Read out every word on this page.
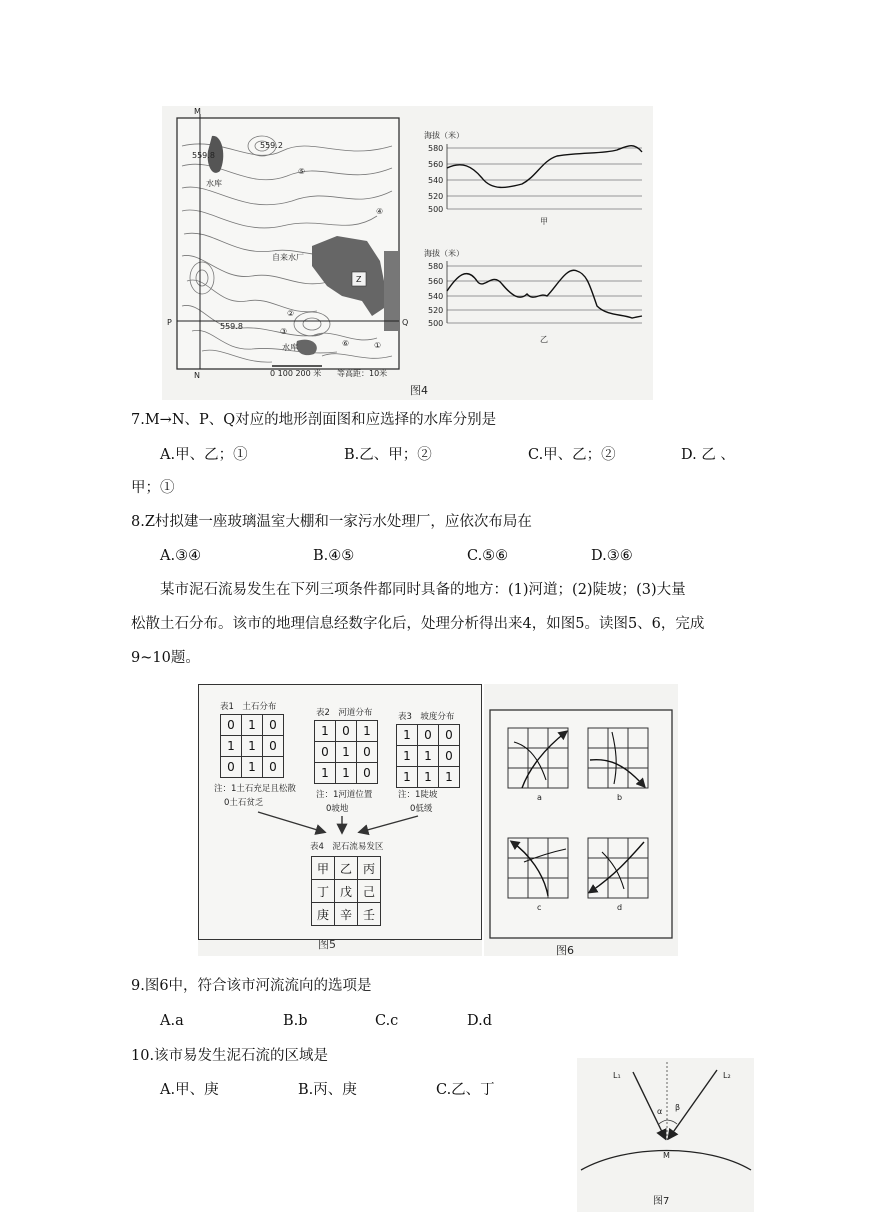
M
N
P	Q
559.2
559.8
559.8
水库
水库
自来水厂
Z
①
②
③
④
⑤
⑥
0 100 200 米 等高距：10米
海拔（米）
580
560
540
520
500
甲
海拔（米）
580
560
540
520
500
乙
图4
7.M→N、P、Q对应的地形剖面图和应选择的水库分别是
A.甲、乙；①	B.乙、甲；②	C.甲、乙；②	D. 乙 、
甲；①
8.Z村拟建一座玻璃温室大棚和一家污水处理厂，应依次布局在
A.③④	B.④⑤	C.⑤⑥	D.③⑥
某市泥石流易发生在下列三项条件都同时具备的地方：(1)河道；(2)陡坡；(3)大量
松散土石分布。该市的地理信息经数字化后，处理分析得出来4，如图5。读图5、6，完成
9~10题。
表1　土石分布
0	1	0
1	1	0
0	1	0
注：1土石充足且松散
0土石贫乏
表2　河道分布
1	0	1
0	1	0
1	1	0
注：1河道位置
0坡地
表3　坡度分布
1	0	0
1	1	0
1	1	1
注：1陡坡
0低缓
表4　泥石流易发区
甲	乙	丙
丁	戊	己
庚	辛	壬
图5
a	b
c	d
图6
9.图6中，符合该市河流流向的选项是
A.a	B.b	C.c	D.d
10.该市易发生泥石流的区域是
A.甲、庚	B.丙、庚	C.乙、丁
L₁	L₂
α β
M
图7
